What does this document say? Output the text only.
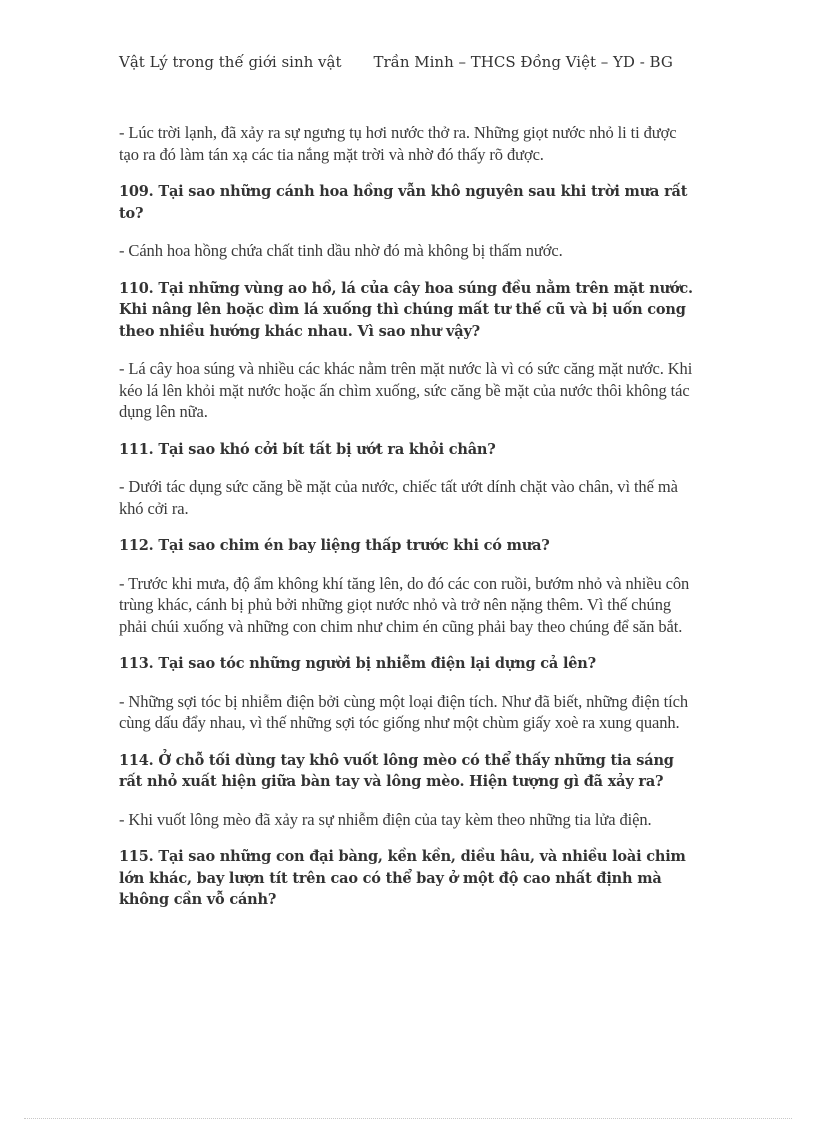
Vật Lý trong thế giới sinh vật Trần Minh – THCS Đồng Việt – YD - BG

- Lúc trời lạnh, đã xảy ra sự ngưng tụ hơi nước thở ra. Những giọt nước nhỏ li ti được tạo ra đó làm tán xạ các tia nắng mặt trời và nhờ đó thấy rõ được.

109. Tại sao những cánh hoa hồng vẫn khô nguyên sau khi trời mưa rất to?

- Cánh hoa hồng chứa chất tinh dầu nhờ đó mà không bị thấm nước.

110. Tại những vùng ao hồ, lá của cây hoa súng đều nằm trên mặt nước. Khi nâng lên hoặc dìm lá xuống thì chúng mất tư thế cũ và bị uốn cong theo nhiều hướng khác nhau. Vì sao như vậy?

- Lá cây hoa súng và nhiều các khác nằm trên mặt nước là vì có sức căng mặt nước. Khi kéo lá lên khỏi mặt nước hoặc ấn chìm xuống, sức căng bề mặt của nước thôi không tác dụng lên nữa.

111. Tại sao khó cởi bít tất bị ướt ra khỏi chân?

- Dưới tác dụng sức căng bề mặt của nước, chiếc tất ướt dính chặt vào chân, vì thế mà khó cởi ra.

112. Tại sao chim én bay liệng thấp trước khi có mưa?

- Trước khi mưa, độ ẩm không khí tăng lên, do đó các con ruồi, bướm nhỏ và nhiều côn trùng khác, cánh bị phủ bởi những giọt nước nhỏ và trở nên nặng thêm. Vì thế chúng phải chúi xuống và những con chim như chim én cũng phải bay theo chúng để săn bắt.

113. Tại sao tóc những người bị nhiễm điện lại dựng cả lên?

- Những sợi tóc bị nhiễm điện bởi cùng một loại điện tích. Như đã biết, những điện tích cùng dấu đẩy nhau, vì thế những sợi tóc giống như một chùm giấy xoè ra xung quanh.

114. Ở chỗ tối dùng tay khô vuốt lông mèo có thể thấy những tia sáng rất nhỏ xuất hiện giữa bàn tay và lông mèo. Hiện tượng gì đã xảy ra?

- Khi vuốt lông mèo đã xảy ra sự nhiễm điện của tay kèm theo những tia lửa điện.

115. Tại sao những con đại bàng, kền kền, diều hâu, và nhiều loài chim lớn khác, bay lượn tít trên cao có thể bay ở một độ cao nhất định mà không cần vỗ cánh?
